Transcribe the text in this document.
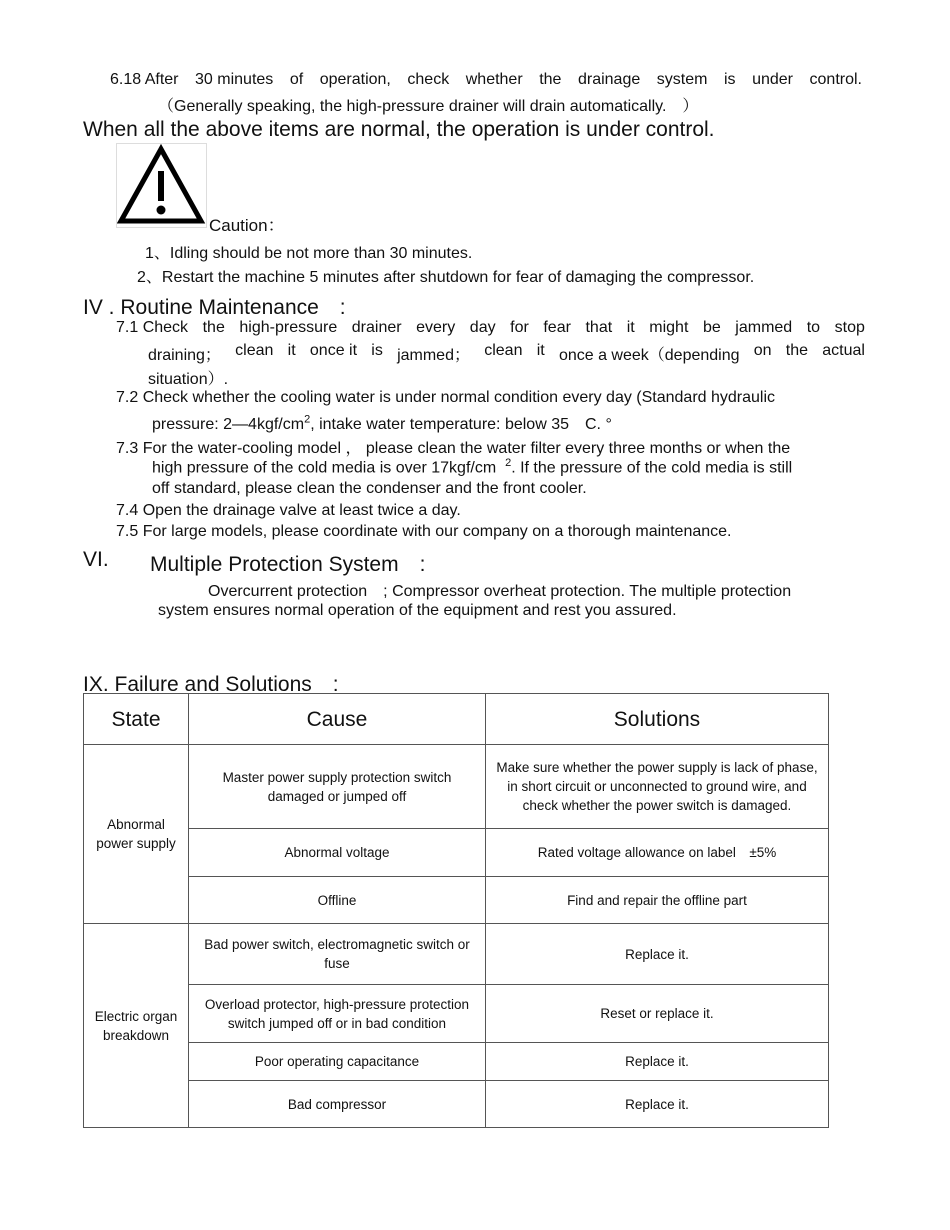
6.18 After 30 minutes of operation, check whether the drainage system is under control.
（Generally speaking, the high-pressure drainer will drain automatically.　）
When all the above items are normal, the operation is under control.
Caution：
1、Idling should be not more than 30 minutes.
2、Restart the machine 5 minutes after shutdown for fear of damaging the compressor.
IV . Routine Maintenance　:
7.1 Check the high-pressure drainer every day for fear that it might be jammed to stop
draining； clean it once it is jammed； clean it once a week（depending on the actual
situation）.
7.2 Check whether the cooling water is under normal condition every day (Standard hydraulic
pressure: $2—4kgf/cm^2$, intake water temperature: below 35　C. °
7.3 For the water-cooling model ， please clean the water filter every three months or when the
high pressure of the cold media is over 17kgf/cm $^2$. If the pressure of the cold media is still
off standard, please clean the condenser and the front cooler.
7.4 Open the drainage valve at least twice a day.
7.5 For large models, please coordinate with our company on a thorough maintenance.
VI. Multiple Protection System　:
Overcurrent protection　; Compressor overheat protection. The multiple protection
system ensures normal operation of the equipment and rest you assured.
IX. Failure and Solutions　:
State	Cause	Solutions
Abnormal power supply	Master power supply protection switch damaged or jumped off	Make sure whether the power supply is lack of phase, in short circuit or unconnected to ground wire, and check whether the power switch is damaged.
	Abnormal voltage	Rated voltage allowance on label　±5%
	Offline	Find and repair the offline part
Electric organ breakdown	Bad power switch, electromagnetic switch or fuse	Replace it.
	Overload protector, high-pressure protection switch jumped off or in bad condition	Reset or replace it.
	Poor operating capacitance	Replace it.
	Bad compressor	Replace it.
